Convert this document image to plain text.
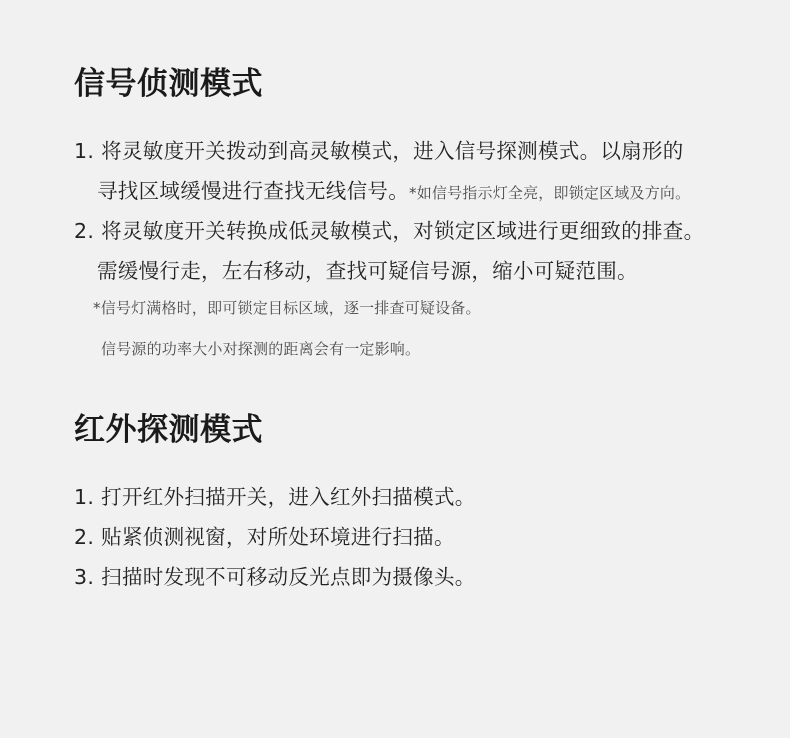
信号侦测模式
1. 将灵敏度开关拨动到高灵敏模式，进入信号探测模式。以扇形的
寻找区域缓慢进行查找无线信号。*如信号指示灯全亮，即锁定区域及方向。
2. 将灵敏度开关转换成低灵敏模式，对锁定区域进行更细致的排查。
需缓慢行走，左右移动，查找可疑信号源，缩小可疑范围。
*信号灯满格时，即可锁定目标区域，逐一排查可疑设备。
信号源的功率大小对探测的距离会有一定影响。
红外探测模式
1. 打开红外扫描开关，进入红外扫描模式。
2. 贴紧侦测视窗，对所处环境进行扫描。
3. 扫描时发现不可移动反光点即为摄像头。
